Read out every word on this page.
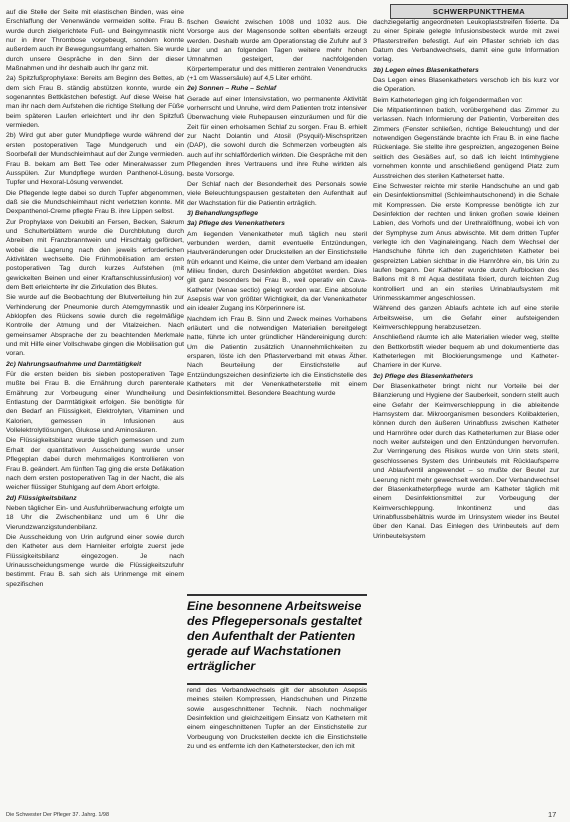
SCHWERPUNKTTHEMA

auf die Stelle der Seite mit elastischen Binden, was eine Erschlaffung der Venenwände vermeiden sollte. Frau B. wurde durch zielgerichtete Fuß- und Beingymnastik nicht nur in ihrer Thrombose vorgebeugt, sondern konnte außerdem auch ihr Bewegungsumfang erhalten. Sie wurde durch unsere Gespräche in den Sinn der dieser Maßnahmen und ihr deshalb auch Ihr ganz mit.

2a) Spitzfußprophylaxe: Bereits am Beginn des Bettes, ab dem sich Frau B. ständig abstützen konnte, wurde ein sogenanntes Bettkästchen befestigt. Auf diese Weise hat man ihr nach dem Aufstehen die richtige Stellung der Füße beim späteren Laufen erleichtert und ihr den Spitzfuß vermieden.

2b) Wird gut aber guter Mundpflege wurde während der ersten postoperativen Tage Mundgeruch und ein Soorbefall der Mundschleimhaut auf der Zunge vermieden. Frau B. bekam am Bett Tee oder Mineralwasser zum Ausspülen. Zur Mundpflege wurden Panthenol-Lösung, Tupfer und Hexoral-Lösung verwendet.

Die Pflegende legte dabei so durch Tupfer abgenommen, daß sie die Mundschleimhaut nicht verletzten konnte. Mit Dexpanthenol-Creme pflegte Frau B. ihre Lippen selbst.

Zur Prophylaxe von Dekubiti an Fersen, Becken, Sakrum und Schulterblättern wurde die Durchblutung durch Abreiben mit Franzbranntwein und Hirschtalg gefördert, wobei die Lagerung nach den jeweils erforderlichen Aktivitäten wechselte. Die Frühmobilisation am ersten postoperativen Tag durch kurzes Aufstehen (mit gewickelten Beinen und einer Kraftanschlussinfusion) vor dem Bett erleichterte ihr die Zirkulation des Blutes.

Sie wurde auf die Beobachtung der Blutverteilung hin zur Verhinderung der Pneumonie durch Atemgymnastik und Abklopfen des Rückens sowie durch die regelmäßige Kontrolle der Atmung und der Vitalzeichen. Nach gemeinsamer Absprache der zu beachtenden Merkmale und mit Hilfe einer Vollschwabe gingen die Mobilisation gut voran.

2c) Nahrungsaufnahme und Darmtätigkeit

Für die ersten beiden bis sieben postoperativen Tage mußte bei Frau B. die Ernährung durch parenterale Ernährung zur Vorbeugung einer Wundheilung und Entlastung der Darmtätigkeit erfolgen. Sie benötigte für den Bedarf an Flüssigkeit, Elektrolyten, Vitaminen und Kalorien, gemessen in Infusionen aus Vollelektrolytlösungen, Glukose und Aminosäuren.

Die Flüssigkeitsbilanz wurde täglich gemessen und zum Erhalt der quantitativen Ausscheidung wurde unser Pflegeplan dabei durch mehrmaliges Kontrollieren von Frau B. geändert. Am fünften Tag ging die erste Defäkation nach dem ersten postoperativen Tag in der Nacht, die als weicher flüssiger Stuhlgang auf dem Abort erfolgte.

2d) Flüssigkeitsbilanz

Neben täglicher Ein- und Ausfuhrüberwachung erfolgte um 18 Uhr die Zwischenbilanz und um 6 Uhr die Vierundzwanzigstundenbilanz.

Die Ausscheidung von Urin aufgrund einer sowie durch den Katheter aus dem Harnleiter erfolgte zuerst jede Flüssigkeitsbilanz eingezogen. Je nach Urinausscheidungsmenge wurde die Flüssigkeitszufuhr bestimmt. Frau B. sah sich als Urinmenge mit einem spezifischen

fischen Gewicht zwischen 1008 und 1032 aus. Die Vorsorge aus der Magensonde sollten ebenfalls erzeugt werden. Deshalb wurde am Operationstag die Zufuhr auf 3 Liter und an folgenden Tagen weitere mehr hohen Umnahmen gesteigert, der nachfolgenden Körpertemperatur und des mittleren zentralen Venendrucks (+1 cm Wassersäule) auf 4,5 Liter erhöht.

2e) Sonnen – Ruhe – Schlaf

Gerade auf einer Intensivstation, wo permanente Aktivität vorherrscht und Unruhe, wird dem Patienten trotz intensiver Überwachung viele Ruhepausen einzuräumen und für die Zeit für einen erholsamen Schlaf zu sorgen. Frau B. erhielt zur Nacht Dolantin und Atosil (Psyquil)-Mischspritzen (DAP), die sowohl durch die Schmerzen vorbeugten als auch auf ihr schlafförderlich wirkten. Die Gespräche mit den Pflegenden ihres Vertrauens und ihre Ruhe wirkten als beste Vorsorge.

Der Schlaf nach der Besonderheit des Personals sowie viele Beleuchtungspausen gestalteten den Aufenthalt auf der Wachstation für die Patientin erträglich.

3) Behandlungspflege

3a) Pflege des Venenkatheters

Am liegenden Venenkatheter muß täglich neu steril verbunden werden, damit eventuelle Entzündungen, Hautveränderungen oder Druckstellen an der Einstichstelle früh erkannt und Keime, die unter dem Verband am idealen Milieu finden, durch Desinfektion abgetötet werden. Dies gilt ganz besonders bei Frau B., weil operativ ein Cava-Katheter (Venae sectio) gelegt worden war. Eine absolute Asepsis war von größter Wichtigkeit, da der Venenkatheter ein idealer Zugang ins Körperinnere ist.

Nachdem ich Frau B. Sinn und Zweck meines Vorhabens erläutert und die notwendigen Materialien bereitgelegt hatte, führte ich unter gründlicher Händereinigung durch: Um die Patientin zusätzlich Unannehmlichkeiten zu ersparen, löste ich den Pflasterverband mit etwas Äther. Nach Beurteilung der Einstichstelle auf Entzündungszeichen desinfizierte ich die Einstichstelle des Katheters mit der Venenkatheterstelle mit einem Desinfektionsmittel. Besondere Beachtung wurde

Eine besonnene Arbeitsweise des Pflegepersonals gestaltet den Aufenthalt der Patienten gerade auf Wachstationen erträglicher

rend des Verbandwechsels gilt der absoluten Asepsis meines steilen Kompressen, Handschuhen und Pinzette sowie ausgeschnittener Technik. Nach nochmaliger Desinfektion und gleichzeitigem Einsatz von Kathetern mit einem eingeschnittenen Tupfer an der Einstichstelle zur Vorbeugung von Druckstellen deckte ich die Einstichstelle zu und es entfernte ich den Katheterstecker, den ich mit

dachziegelartig angeordneten Leukoplaststreifen fixierte. Da zu einer Spirale gelegte Infusionsbesteck wurde mit zwei Pflasterstreifen befestigt. Auf ein Pflaster schrieb ich das Datum des Verbandwechsels, damit eine gute Information vorlag.

3b) Legen eines Blasenkatheters

Das Legen eines Blasenkatheters verschob ich bis kurz vor die Operation.

Beim Katheterlegen ging ich folgendermaßen vor:

Die Mitpatientinnen batich, vorübergehend das Zimmer zu verlassen. Nach Informierung der Patientin, Vorbereiten des Zimmers (Fenster schließen, richtige Beleuchtung) und der notwendigen Gegenstände brachte ich Frau B. in eine flache Rückenlage. Sie stellte ihre gespreizten, angezogenen Beine seitlich des Gesäßes auf, so daß ich leicht Intimhygiene vornehmen konnte und anschließend genügend Platz zum Ausstreichen des sterilen Katheterset hatte.

Eine Schwester reichte mir sterile Handschuhe an und gab ein Desinfektionsmittel (Schleimhautschonend) in die Schale mit Kompressen. Die erste Kompresse benötigte ich zur Desinfektion der rechten und linken großen sowie kleinen Labien, des Vorhofs und der Urethralöffnung, wobei ich von der Symphyse zum Anus abwischte. Mit dem dritten Tupfer verlegte ich den Vaginaleingang. Nach dem Wechsel der Handschuhe führte ich den zugerichteten Katheter bei gespreizten Labien sichtbar in die Harnröhre ein, bis Urin zu laufen begann. Der Katheter wurde durch Aufblocken des Ballons mit 8 ml Aqua destillata fixiert, durch leichten Zug kontrolliert und an ein steriles Urinablaufsystem mit Urinmesskammer angeschlossen.

Während des ganzen Ablaufs achtete ich auf eine sterile Arbeitsweise, um die Gefahr einer aufsteigenden Keimverschleppung herabzusetzen.

Anschließend räumte ich alle Materialien wieder weg, stellte den Bettkorbstift wieder bequem ab und dokumentierte das Katheterlegen mit Blockierungsmenge und Katheter-Charriere in der Kurve.

3c) Pflege des Blasenkatheters

Der Blasenkatheter bringt nicht nur Vorteile bei der Bilanzierung und Hygiene der Sauberkeit, sondern stellt auch eine Gefahr der Keimverschleppung in die ableitende Harnsystem dar. Mikroorganismen besonders Kolibakterien, können durch den äußeren Urinabfluss zwischen Katheter und Harnröhre oder durch das Katheterlumen zur Blase oder noch weiter aufsteigen und den Entzündungen hervorrufen. Zur Verringerung des Risikos wurde von Urin stets steril, geschlossenes System des Urinbeutels mit Rücklaufsperre und Ablaufventil angewendet – so mußte der Beutel zur Leerung nicht mehr gewechselt werden. Der Verbandwechsel der Blasenkatheterpflege wurde am Katheter täglich mit einem Desinfektionsmittel zur Vorbeugung der Keimverschleppung. Inkontinenz und das Urinabflussbehältnis wurde im Urinsystem wieder ins Beutel über den Kanal. Das Einlegen des Urinbeutels auf dem Urinbeutelsystem

Die Schwester Der Pfleger 37. Jahrg. 1/98	17
